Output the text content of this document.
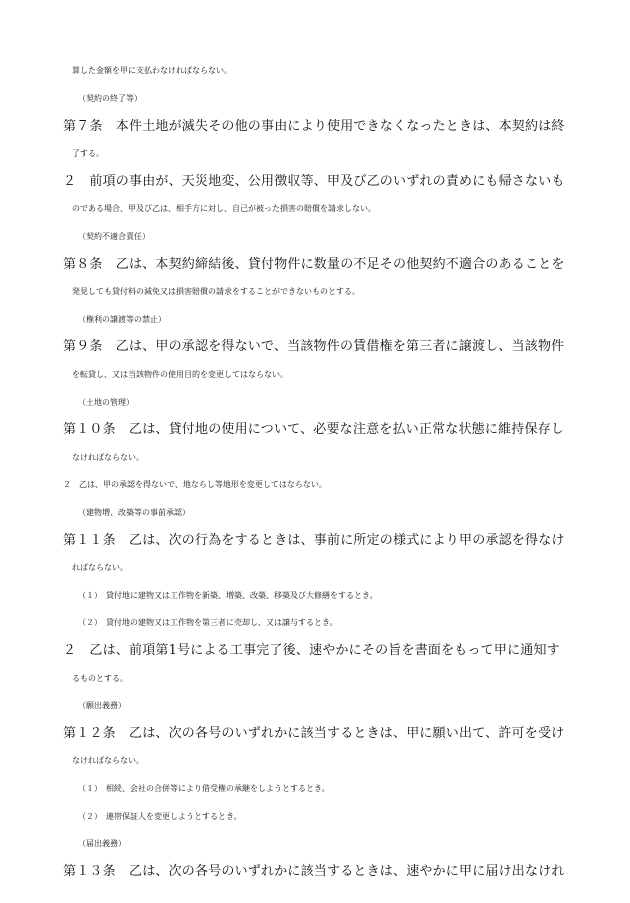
算した金額を甲に支払わなければならない。
（契約の終了等）
第７条　本件土地が滅失その他の事由により使用できなくなったときは、本契約は終
了する。
２　前項の事由が、天災地変、公用徴収等、甲及び乙のいずれの責めにも帰さないも
のである場合、甲及び乙は、相手方に対し、自己が被った損害の賠償を請求しない。
（契約不適合責任）
第８条　乙は、本契約締結後、貸付物件に数量の不足その他契約不適合のあることを
発見しても貸付料の減免又は損害賠償の請求をすることができないものとする。
（権利の譲渡等の禁止）
第９条　乙は、甲の承認を得ないで、当該物件の賃借権を第三者に譲渡し、当該物件
を転貸し、又は当該物件の使用目的を変更してはならない。
（土地の管理）
第１０条　乙は、貸付地の使用について、必要な注意を払い正常な状態に維持保存し
なければならない。
２　乙は、甲の承認を得ないで、地ならし等地形を変更してはならない。
（建物増、改築等の事前承認）
第１１条　乙は、次の行為をするときは、事前に所定の様式により甲の承認を得なけ
ればならない。
（１）　貸付地に建物又は工作物を新築、増築、改築、移築及び大修繕をするとき。
（２）　貸付地の建物又は工作物を第三者に売却し、又は譲与するとき。
２　乙は、前項第1号による工事完了後、速やかにその旨を書面をもって甲に通知す
るものとする。
（願出義務）
第１２条　乙は、次の各号のいずれかに該当するときは、甲に願い出て、許可を受け
なければならない。
（１）　相続、会社の合併等により借受権の承継をしようとするとき。
（２）　連帯保証人を変更しようとするとき。
（届出義務）
第１３条　乙は、次の各号のいずれかに該当するときは、速やかに甲に届け出なけれ
